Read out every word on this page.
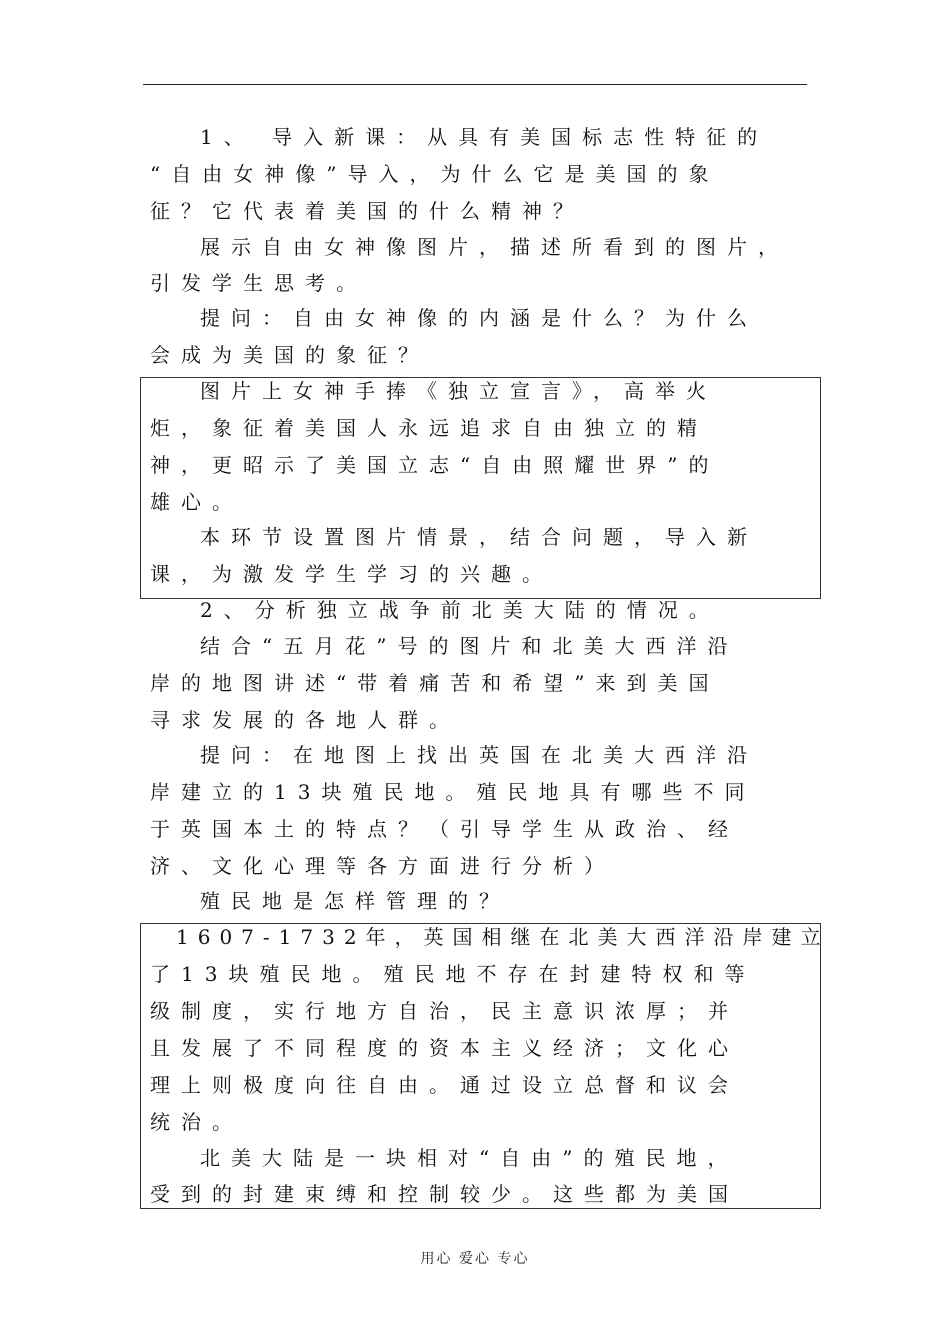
1、 导入新课：从具有美国标志性特征的
“自由女神像”导入，为什么它是美国的象
征？它代表着美国的什么精神？
展示自由女神像图片，描述所看到的图片，
引发学生思考。
提问：自由女神像的内涵是什么？为什么
会成为美国的象征？
图片上女神手捧《独立宣言》，高举火
炬，象征着美国人永远追求自由独立的精
神，更昭示了美国立志“自由照耀世界”的
雄心。
本环节设置图片情景，结合问题，导入新
课，为激发学生学习的兴趣。
2、分析独立战争前北美大陆的情况。
结合“五月花”号的图片和北美大西洋沿
岸的地图讲述“带着痛苦和希望”来到美国
寻求发展的各地人群。
提问：在地图上找出英国在北美大西洋沿
岸建立的13块殖民地。殖民地具有哪些不同
于英国本土的特点？（引导学生从政治、经
济、文化心理等各方面进行分析）
殖民地是怎样管理的？
1607-1732年，英国相继在北美大西洋沿岸建立
了13块殖民地。殖民地不存在封建特权和等
级制度，实行地方自治，民主意识浓厚；并
且发展了不同程度的资本主义经济；文化心
理上则极度向往自由。通过设立总督和议会
统治。
北美大陆是一块相对“自由”的殖民地，
受到的封建束缚和控制较少。这些都为美国
用心 爱心 专心
